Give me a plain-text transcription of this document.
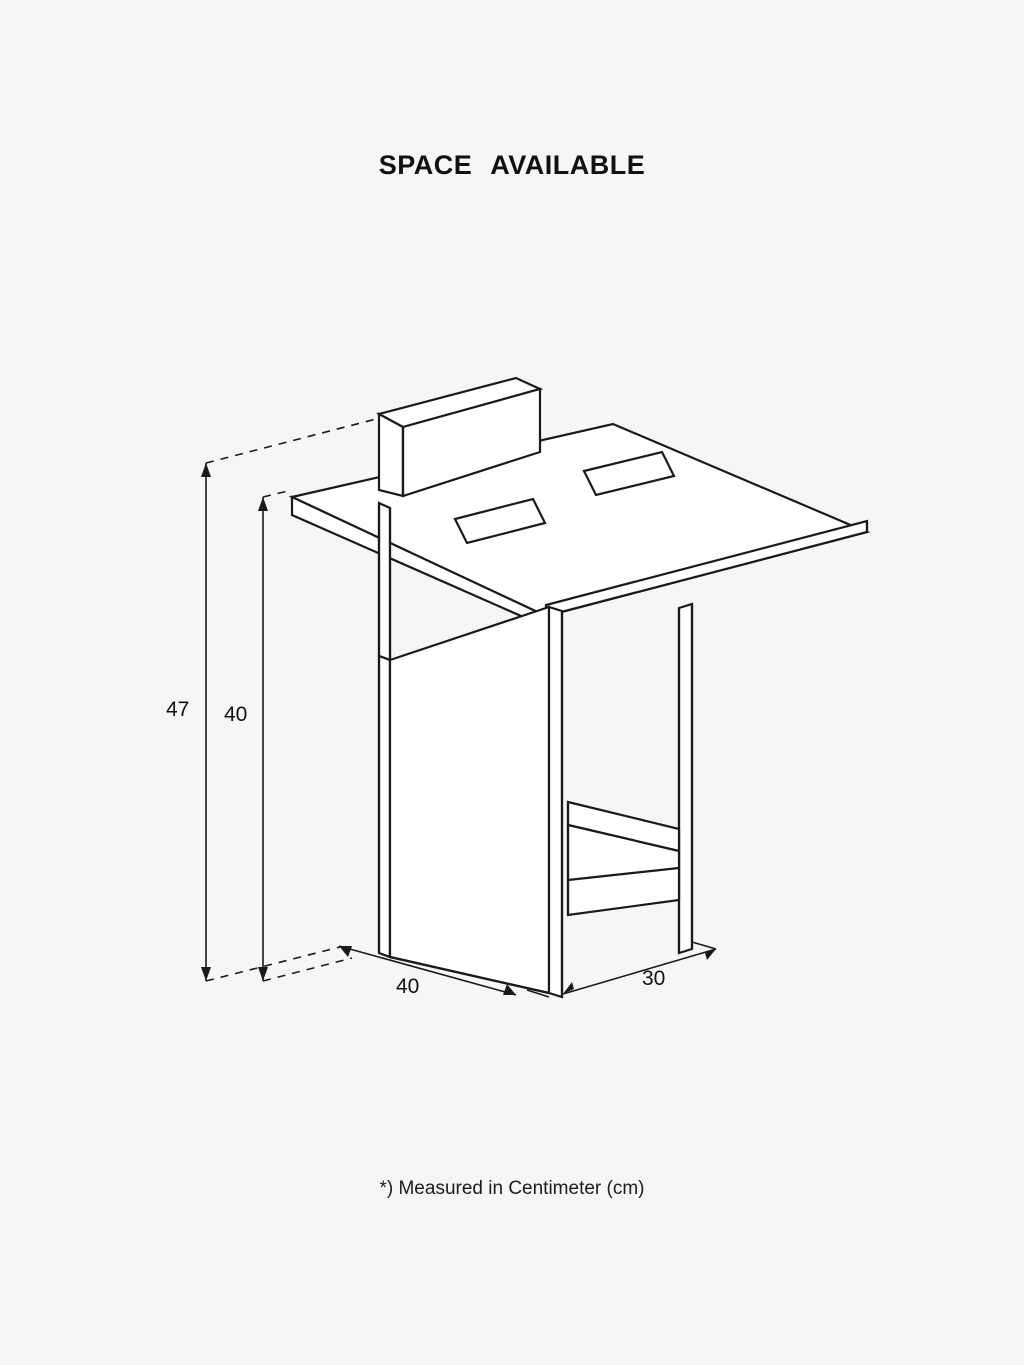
SPACE AVAILABLE
47 40
40	30
*) Measured in Centimeter (cm)
